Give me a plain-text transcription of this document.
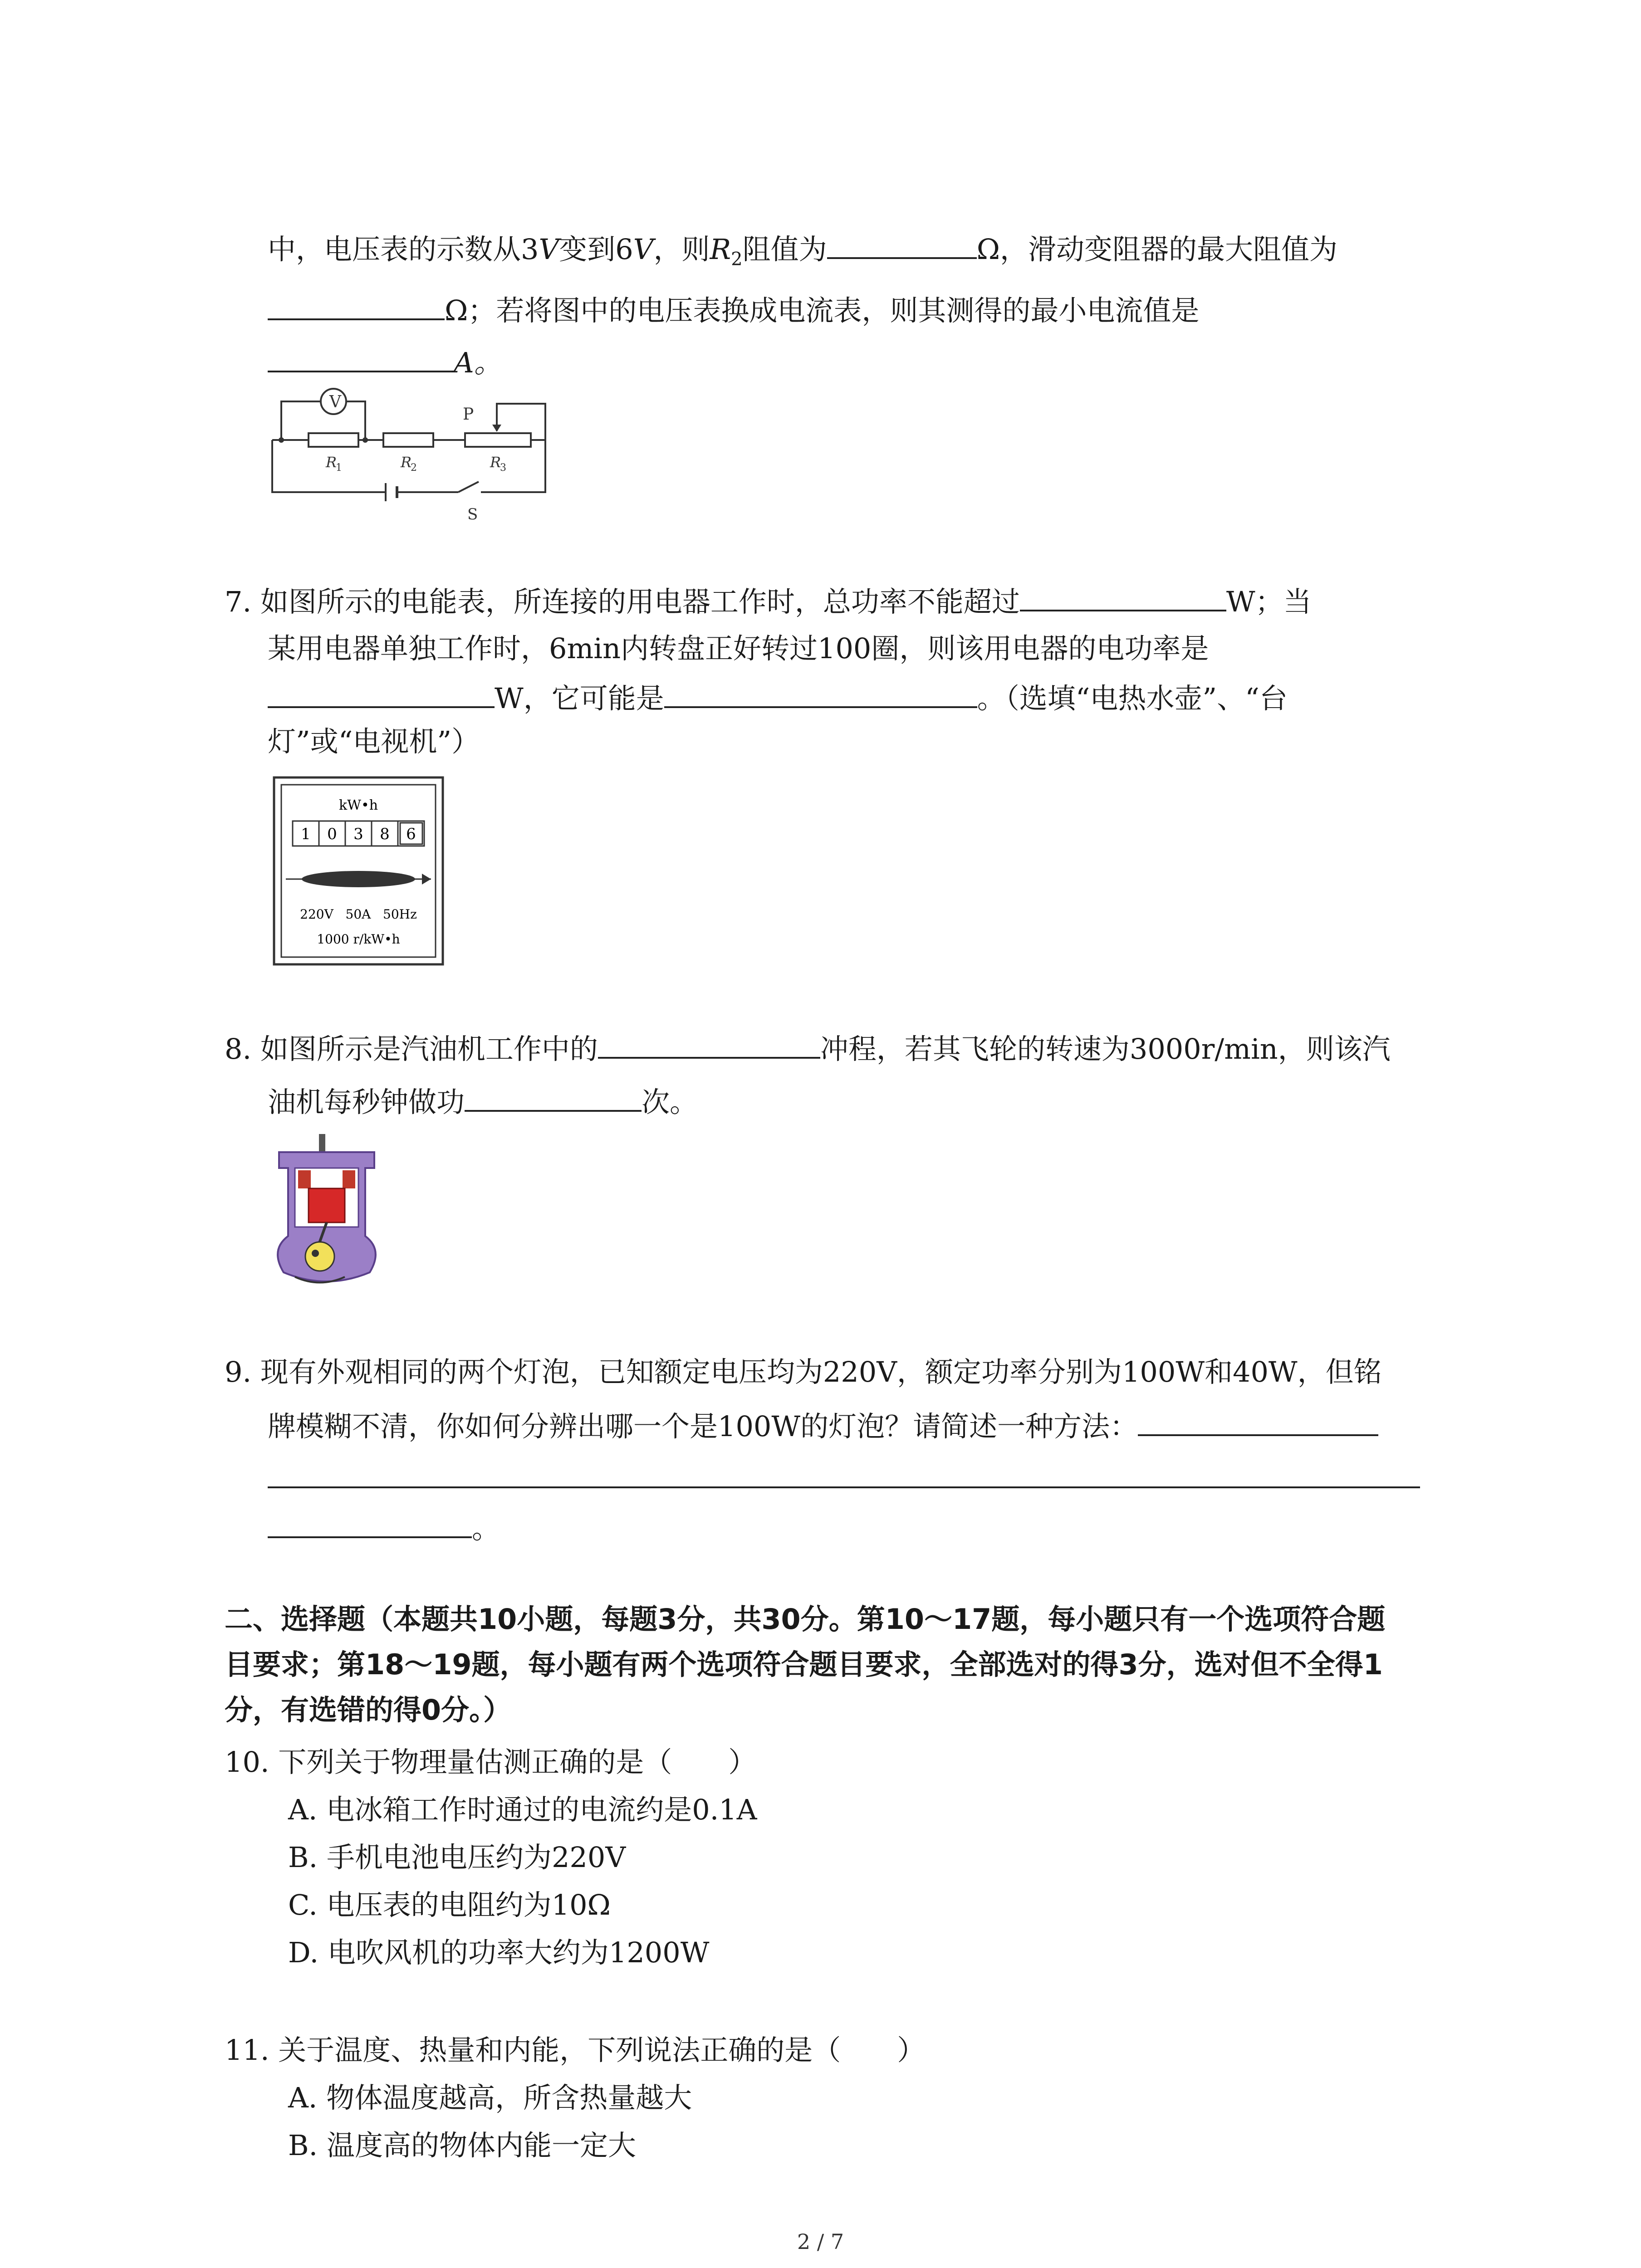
中，电压表的示数从3V变到6V，则$R_2$阻值为	Ω，滑动变阻器的最大阻值为
Ω；若将图中的电压表换成电流表，则其测得的最小电流值是
A。
V
P
R
1	R
2	R
3
S
7. 如图所示的电能表，所连接的用电器工作时，总功率不能超过	W；当
某用电器单独工作时，6min内转盘正好转过100圈，则该用电器的电功率是
W，它可能是	。（选填“电热水壶”、“台
灯”或“电视机”）
kW•h
1 0 3 8 6
220V   50A   50Hz
1000 r/kW•h
8. 如图所示是汽油机工作中的	冲程，若其飞轮的转速为3000r/min，则该汽
油机每秒钟做功	次。
9. 现有外观相同的两个灯泡，已知额定电压均为220V，额定功率分别为100W和40W，但铭
牌模糊不清，你如何分辨出哪一个是100W的灯泡？请简述一种方法：
。
二、选择题（本题共10小题，每题3分，共30分。第10～17题，每小题只有一个选项符合题
目要求；第18～19题，每小题有两个选项符合题目要求，全部选对的得3分，选对但不全得1
分，有选错的得0分。）
10. 下列关于物理量估测正确的是（　　）
A. 电冰箱工作时通过的电流约是0.1A
B. 手机电池电压约为220V
C. 电压表的电阻约为10Ω
D. 电吹风机的功率大约为1200W
11. 关于温度、热量和内能，下列说法正确的是（　　）
A. 物体温度越高，所含热量越大
B. 温度高的物体内能一定大
2 / 7
